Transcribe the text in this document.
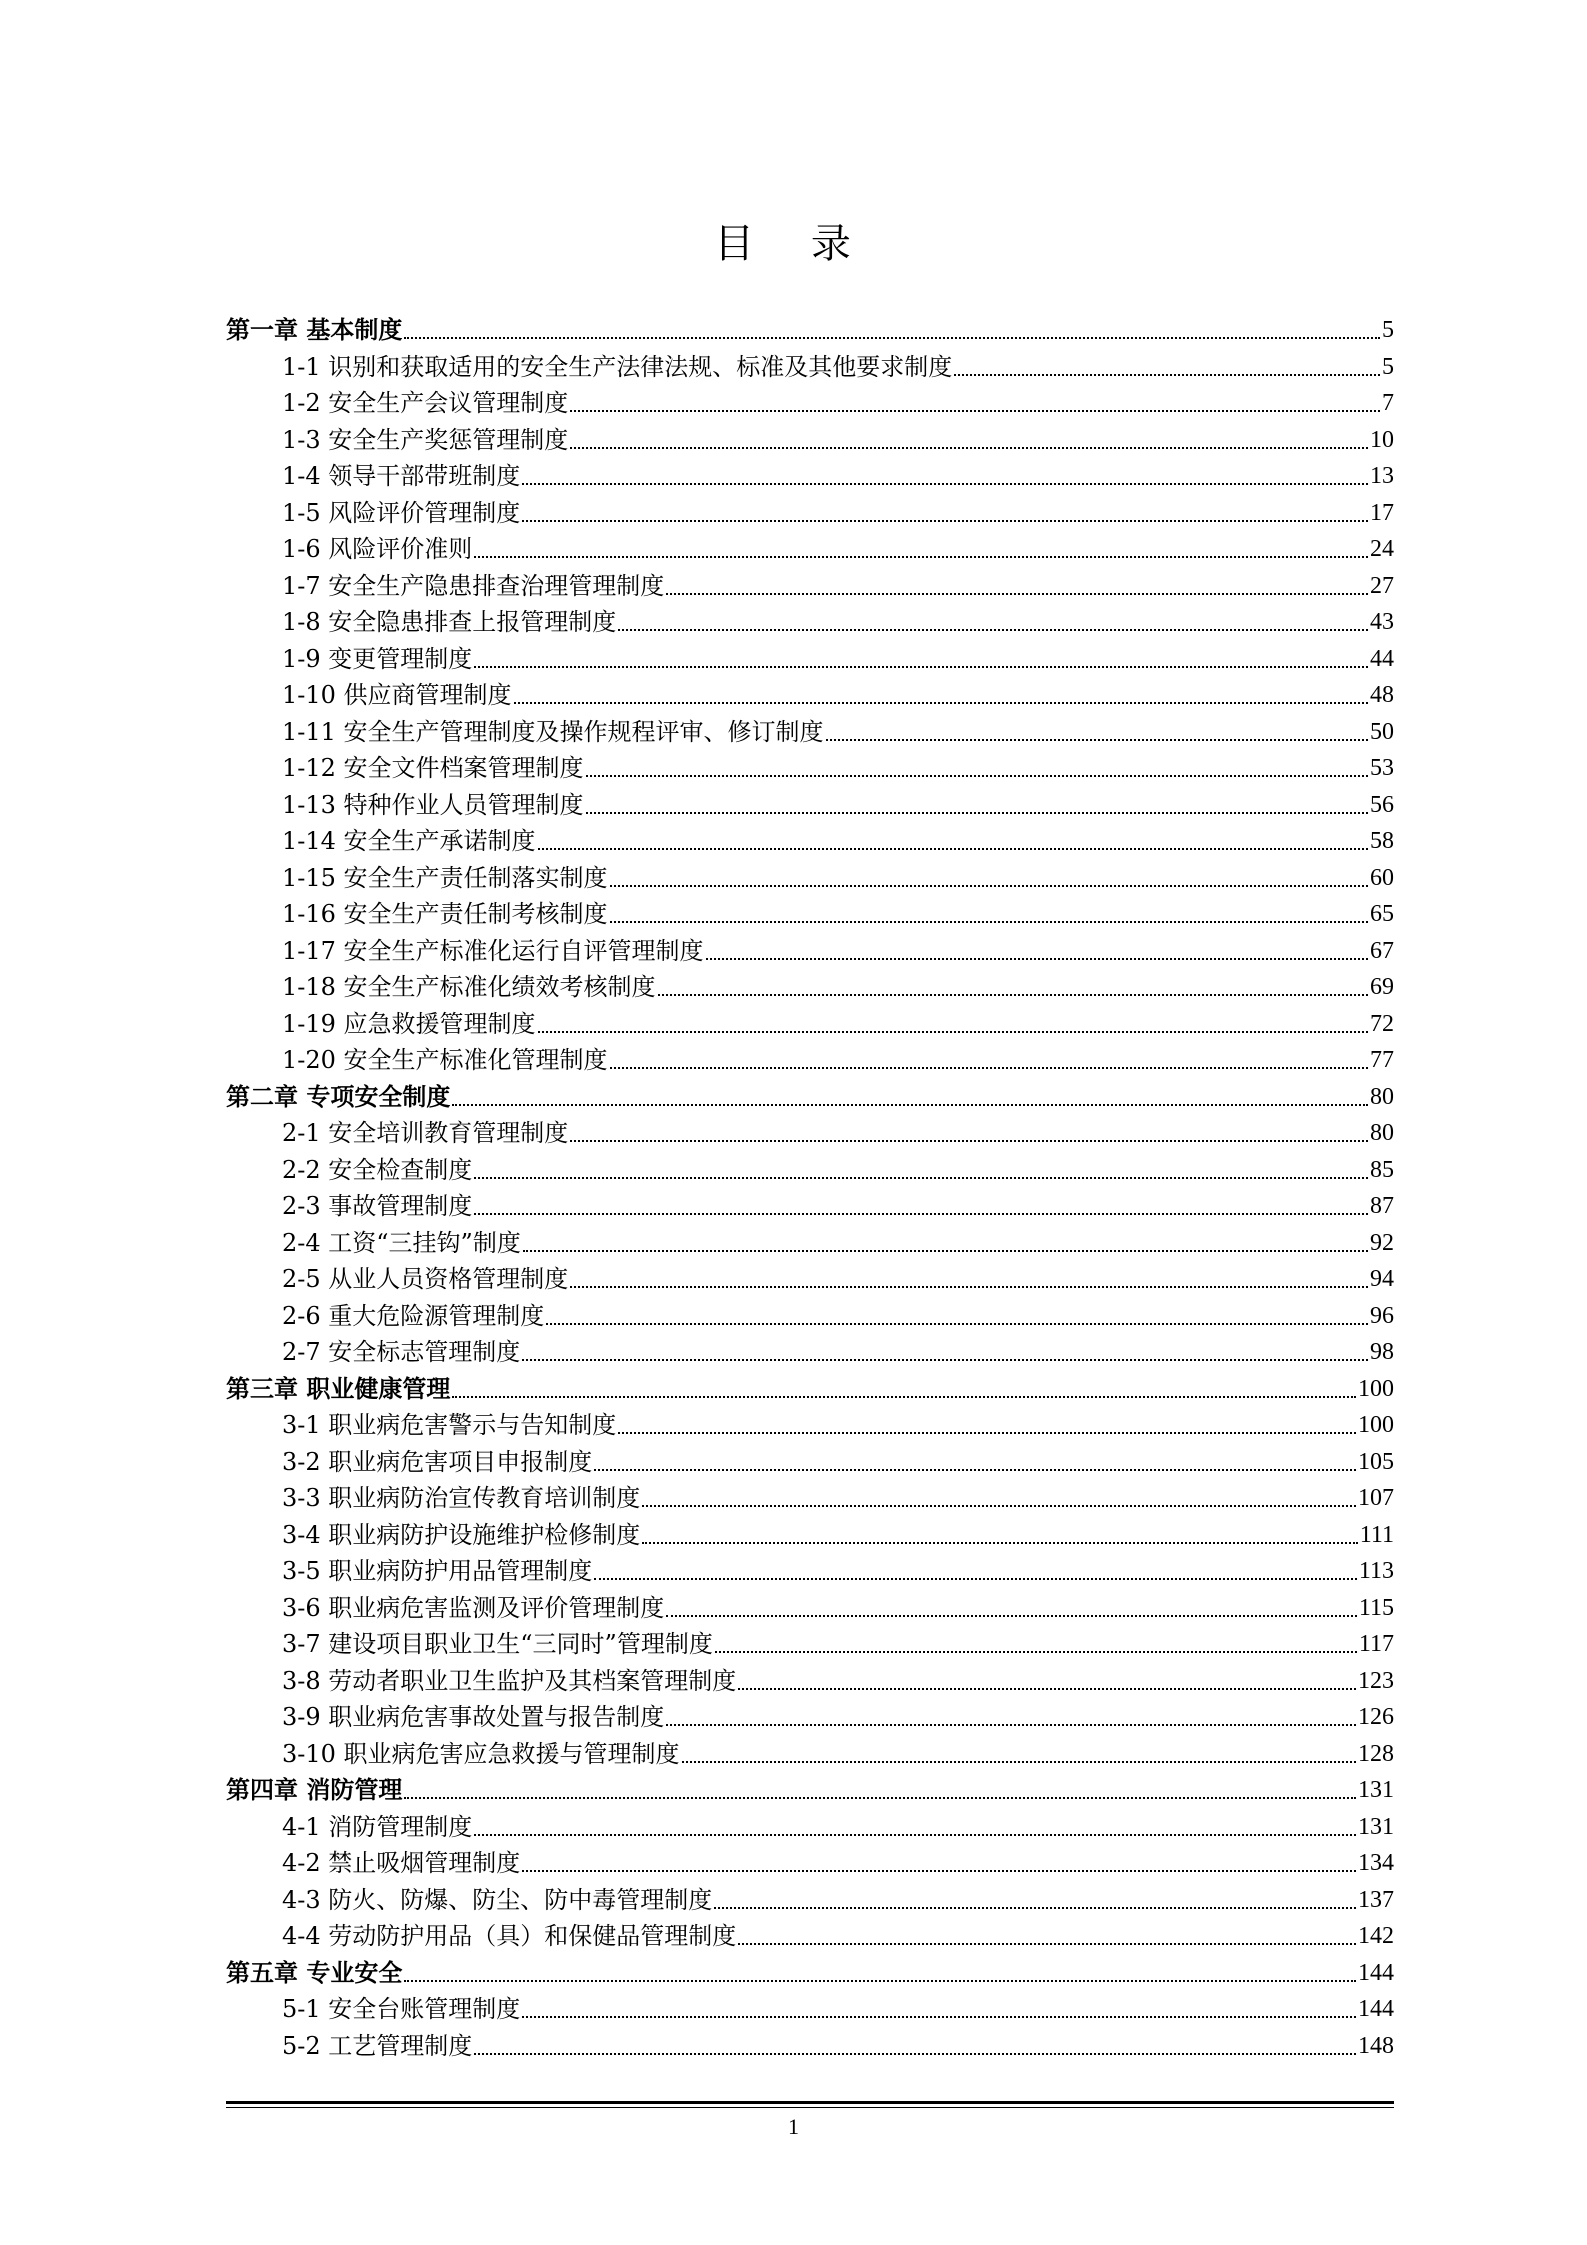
目 录
第一章 基本制度	5
1-1 识别和获取适用的安全生产法律法规、标准及其他要求制度	5
1-2 安全生产会议管理制度	7
1-3 安全生产奖惩管理制度	10
1-4 领导干部带班制度	13
1-5 风险评价管理制度	17
1-6 风险评价准则	24
1-7 安全生产隐患排查治理管理制度	27
1-8 安全隐患排查上报管理制度	43
1-9 变更管理制度	44
1-10 供应商管理制度	48
1-11 安全生产管理制度及操作规程评审、修订制度	50
1-12 安全文件档案管理制度	53
1-13 特种作业人员管理制度	56
1-14 安全生产承诺制度	58
1-15 安全生产责任制落实制度	60
1-16 安全生产责任制考核制度	65
1-17 安全生产标准化运行自评管理制度	67
1-18 安全生产标准化绩效考核制度	69
1-19 应急救援管理制度	72
1-20 安全生产标准化管理制度	77
第二章 专项安全制度	80
2-1 安全培训教育管理制度	80
2-2 安全检查制度	85
2-3 事故管理制度	87
2-4 工资“三挂钩”制度	92
2-5 从业人员资格管理制度	94
2-6 重大危险源管理制度	96
2-7 安全标志管理制度	98
第三章 职业健康管理	100
3-1 职业病危害警示与告知制度	100
3-2 职业病危害项目申报制度	105
3-3 职业病防治宣传教育培训制度	107
3-4 职业病防护设施维护检修制度	111
3-5 职业病防护用品管理制度	113
3-6 职业病危害监测及评价管理制度	115
3-7 建设项目职业卫生“三同时”管理制度	117
3-8 劳动者职业卫生监护及其档案管理制度	123
3-9 职业病危害事故处置与报告制度	126
3-10 职业病危害应急救援与管理制度	128
第四章 消防管理	131
4-1 消防管理制度	131
4-2 禁止吸烟管理制度	134
4-3 防火、防爆、防尘、防中毒管理制度	137
4-4 劳动防护用品（具）和保健品管理制度	142
第五章 专业安全	144
5-1 安全台账管理制度	144
5-2 工艺管理制度	148
1
